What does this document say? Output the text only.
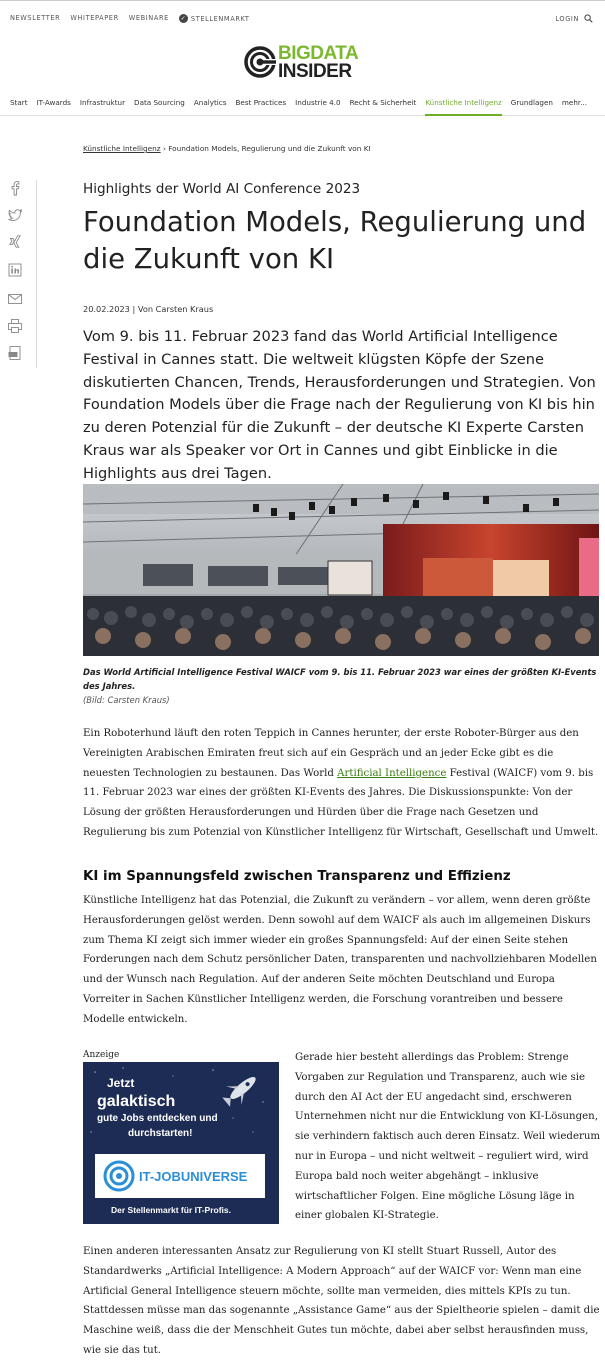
NEWSLETTER WHITEPAPER WEBINARE ✓ STELLENMARKT	LOGIN
BIGDATA
INSIDER
Start IT-Awards Infrastruktur Data Sourcing Analytics Best Practices Industrie 4.0 Recht & Sicherheit Künstliche Intelligenz Grundlagen mehr...
Künstliche Intelligenz › Foundation Models, Regulierung und die Zukunft von KI
Highlights der World AI Conference 2023
Foundation Models, Regulierung und die Zukunft von KI
20.02.2023 | Von Carsten Kraus

Vom 9. bis 11. Februar 2023 fand das World Artificial Intelligence Festival in Cannes statt. Die weltweit klügsten Köpfe der Szene diskutierten Chancen, Trends, Herausforderungen und Strategien. Von Foundation Models über die Frage nach der Regulierung von KI bis hin zu deren Potenzial für die Zukunft – der deutsche KI Experte Carsten Kraus war als Speaker vor Ort in Cannes und gibt Einblicke in die Highlights aus drei Tagen.

Das World Artificial Intelligence Festival WAICF vom 9. bis 11. Februar 2023 war eines der größten KI-Events des Jahres.
(Bild: Carsten Kraus)

Ein Roboterhund läuft den roten Teppich in Cannes herunter, der erste Roboter-Bürger aus den Vereinigten Arabischen Emiraten freut sich auf ein Gespräch und an jeder Ecke gibt es die neuesten Technologien zu bestaunen. Das World Artificial Intelligence Festival (WAICF) vom 9. bis 11. Februar 2023 war eines der größten KI-Events des Jahres. Die Diskussionspunkte: Von der Lösung der größten Herausforderungen und Hürden über die Frage nach Gesetzen und Regulierung bis zum Potenzial von Künstlicher Intelligenz für Wirtschaft, Gesellschaft und Umwelt.

KI im Spannungsfeld zwischen Transparenz und Effizienz

Künstliche Intelligenz hat das Potenzial, die Zukunft zu verändern – vor allem, wenn deren größte Herausforderungen gelöst werden. Denn sowohl auf dem WAICF als auch im allgemeinen Diskurs zum Thema KI zeigt sich immer wieder ein großes Spannungsfeld: Auf der einen Seite stehen Forderungen nach dem Schutz persönlicher Daten, transparenten und nachvollziehbaren Modellen und der Wunsch nach Regulation. Auf der anderen Seite möchten Deutschland und Europa Vorreiter in Sachen Künstlicher Intelligenz werden, die Forschung vorantreiben und bessere Modelle entwickeln.

Anzeige
Jetzt
galaktisch
gute Jobs entdecken und
durchstarten!
IT-JOBUNIVERSE
Der Stellenmarkt für IT-Profis.

Gerade hier besteht allerdings das Problem: Strenge Vorgaben zur Regulation und Transparenz, auch wie sie durch den AI Act der EU angedacht sind, erschweren Unternehmen nicht nur die Entwicklung von KI-Lösungen, sie verhindern faktisch auch deren Einsatz. Weil wiederum nur in Europa – und nicht weltweit – reguliert wird, wird Europa bald noch weiter abgehängt – inklusive wirtschaftlicher Folgen. Eine mögliche Lösung läge in einer globalen KI-Strategie.

Einen anderen interessanten Ansatz zur Regulierung von KI stellt Stuart Russell, Autor des Standardwerks „Artificial Intelligence: A Modern Approach“ auf der WAICF vor: Wenn man eine Artificial General Intelligence steuern möchte, sollte man vermeiden, dies mittels KPIs zu tun. Stattdessen müsse man das sogenannte „Assistance Game“ aus der Spieltheorie spielen – damit die Maschine weiß, dass die der Menschheit Gutes tun möchte, dabei aber selbst herausfinden muss, wie sie das tut.
